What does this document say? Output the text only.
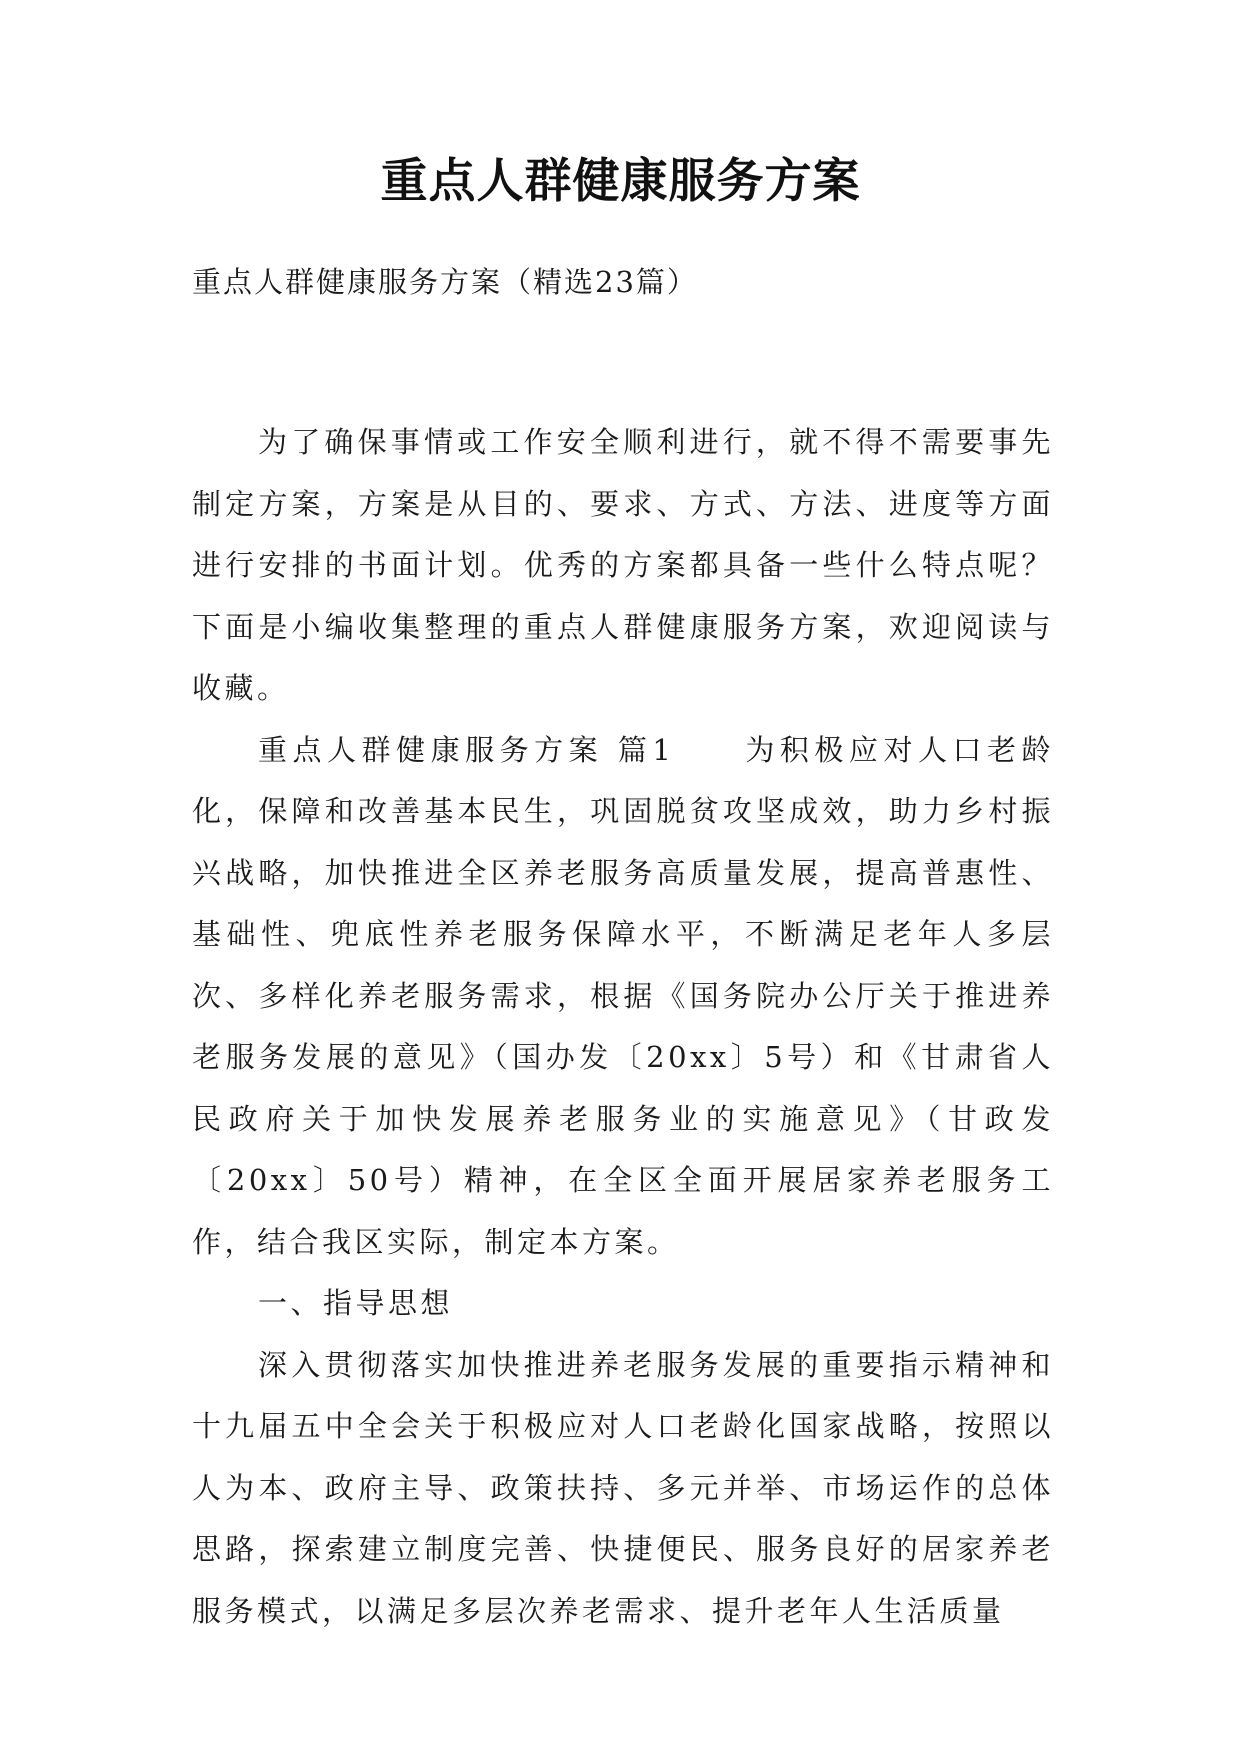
重点人群健康服务方案
重点人群健康服务方案（精选23篇）

为了确保事情或工作安全顺利进行，就不得不需要事先制定方案，方案是从目的、要求、方式、方法、进度等方面进行安排的书面计划。优秀的方案都具备一些什么特点呢？下面是小编收集整理的重点人群健康服务方案，欢迎阅读与收藏。

重点人群健康服务方案 篇1　　为积极应对人口老龄化，保障和改善基本民生，巩固脱贫攻坚成效，助力乡村振兴战略，加快推进全区养老服务高质量发展，提高普惠性、基础性、兜底性养老服务保障水平，不断满足老年人多层次、多样化养老服务需求，根据《国务院办公厅关于推进养老服务发展的意见》（国办发〔20xx〕5号）和《甘肃省人民政府关于加快发展养老服务业的实施意见》（甘政发〔20xx〕50号）精神，在全区全面开展居家养老服务工作，结合我区实际，制定本方案。

一、指导思想

深入贯彻落实加快推进养老服务发展的重要指示精神和十九届五中全会关于积极应对人口老龄化国家战略，按照以人为本、政府主导、政策扶持、多元并举、市场运作的总体思路，探索建立制度完善、快捷便民、服务良好的居家养老服务模式，以满足多层次养老需求、提升老年人生活质量
